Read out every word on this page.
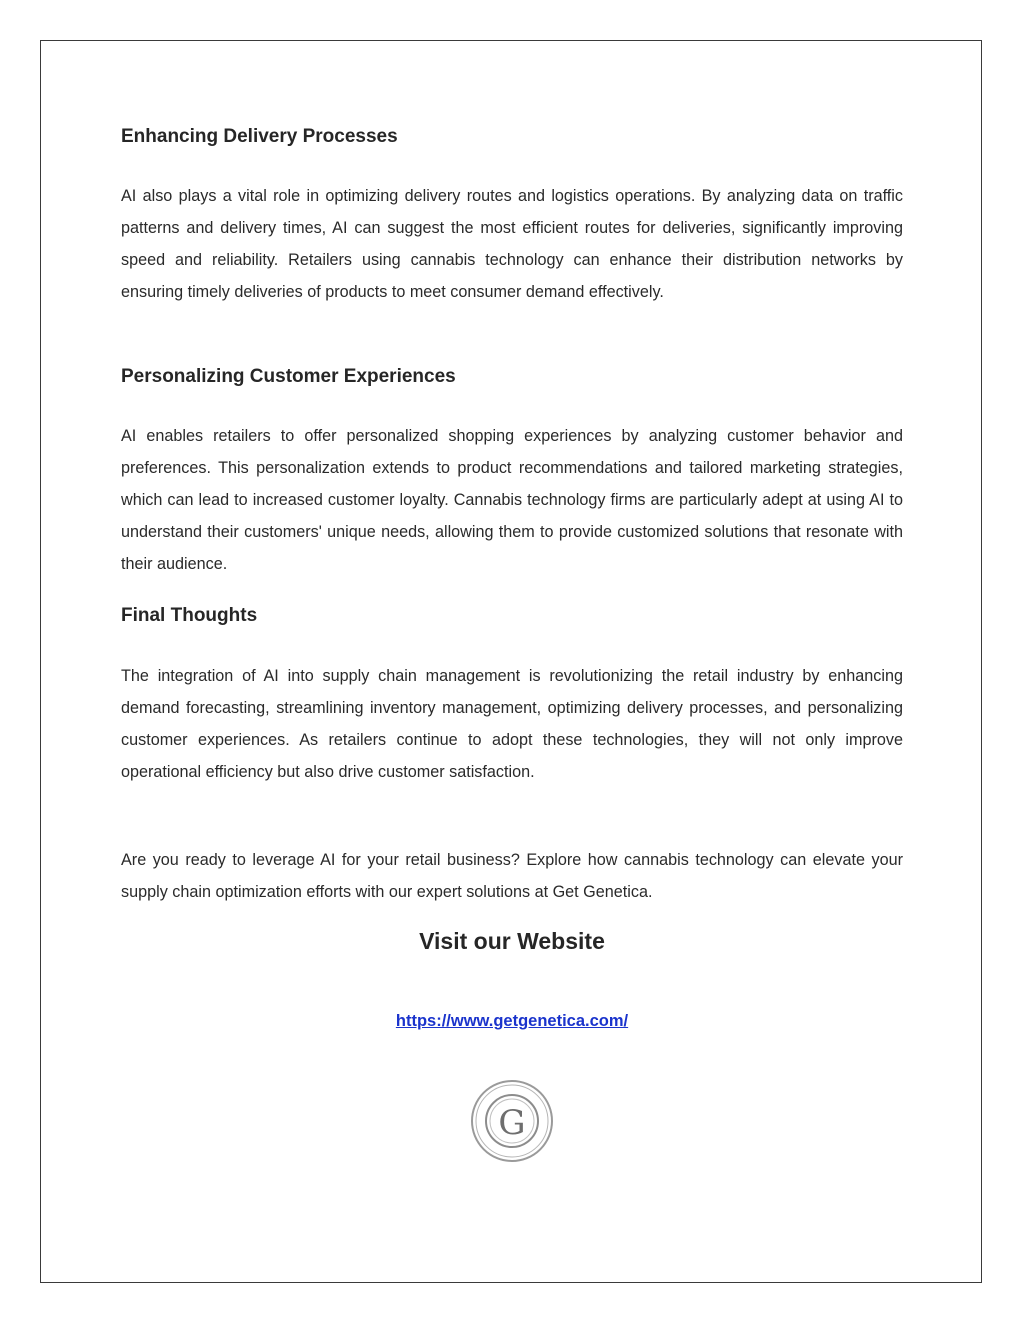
Enhancing Delivery Processes

AI also plays a vital role in optimizing delivery routes and logistics operations. By analyzing data on traffic patterns and delivery times, AI can suggest the most efficient routes for deliveries, significantly improving speed and reliability. Retailers using cannabis technology can enhance their distribution networks by ensuring timely deliveries of products to meet consumer demand effectively.

Personalizing Customer Experiences

AI enables retailers to offer personalized shopping experiences by analyzing customer behavior and preferences. This personalization extends to product recommendations and tailored marketing strategies, which can lead to increased customer loyalty. Cannabis technology firms are particularly adept at using AI to understand their customers' unique needs, allowing them to provide customized solutions that resonate with their audience.

Final Thoughts

The integration of AI into supply chain management is revolutionizing the retail industry by enhancing demand forecasting, streamlining inventory management, optimizing delivery processes, and personalizing customer experiences. As retailers continue to adopt these technologies, they will not only improve operational efficiency but also drive customer satisfaction.

Are you ready to leverage AI for your retail business? Explore how cannabis technology can elevate your supply chain optimization efforts with our expert solutions at Get Genetica.

Visit our Website
https://www.getgenetica.com/
G
